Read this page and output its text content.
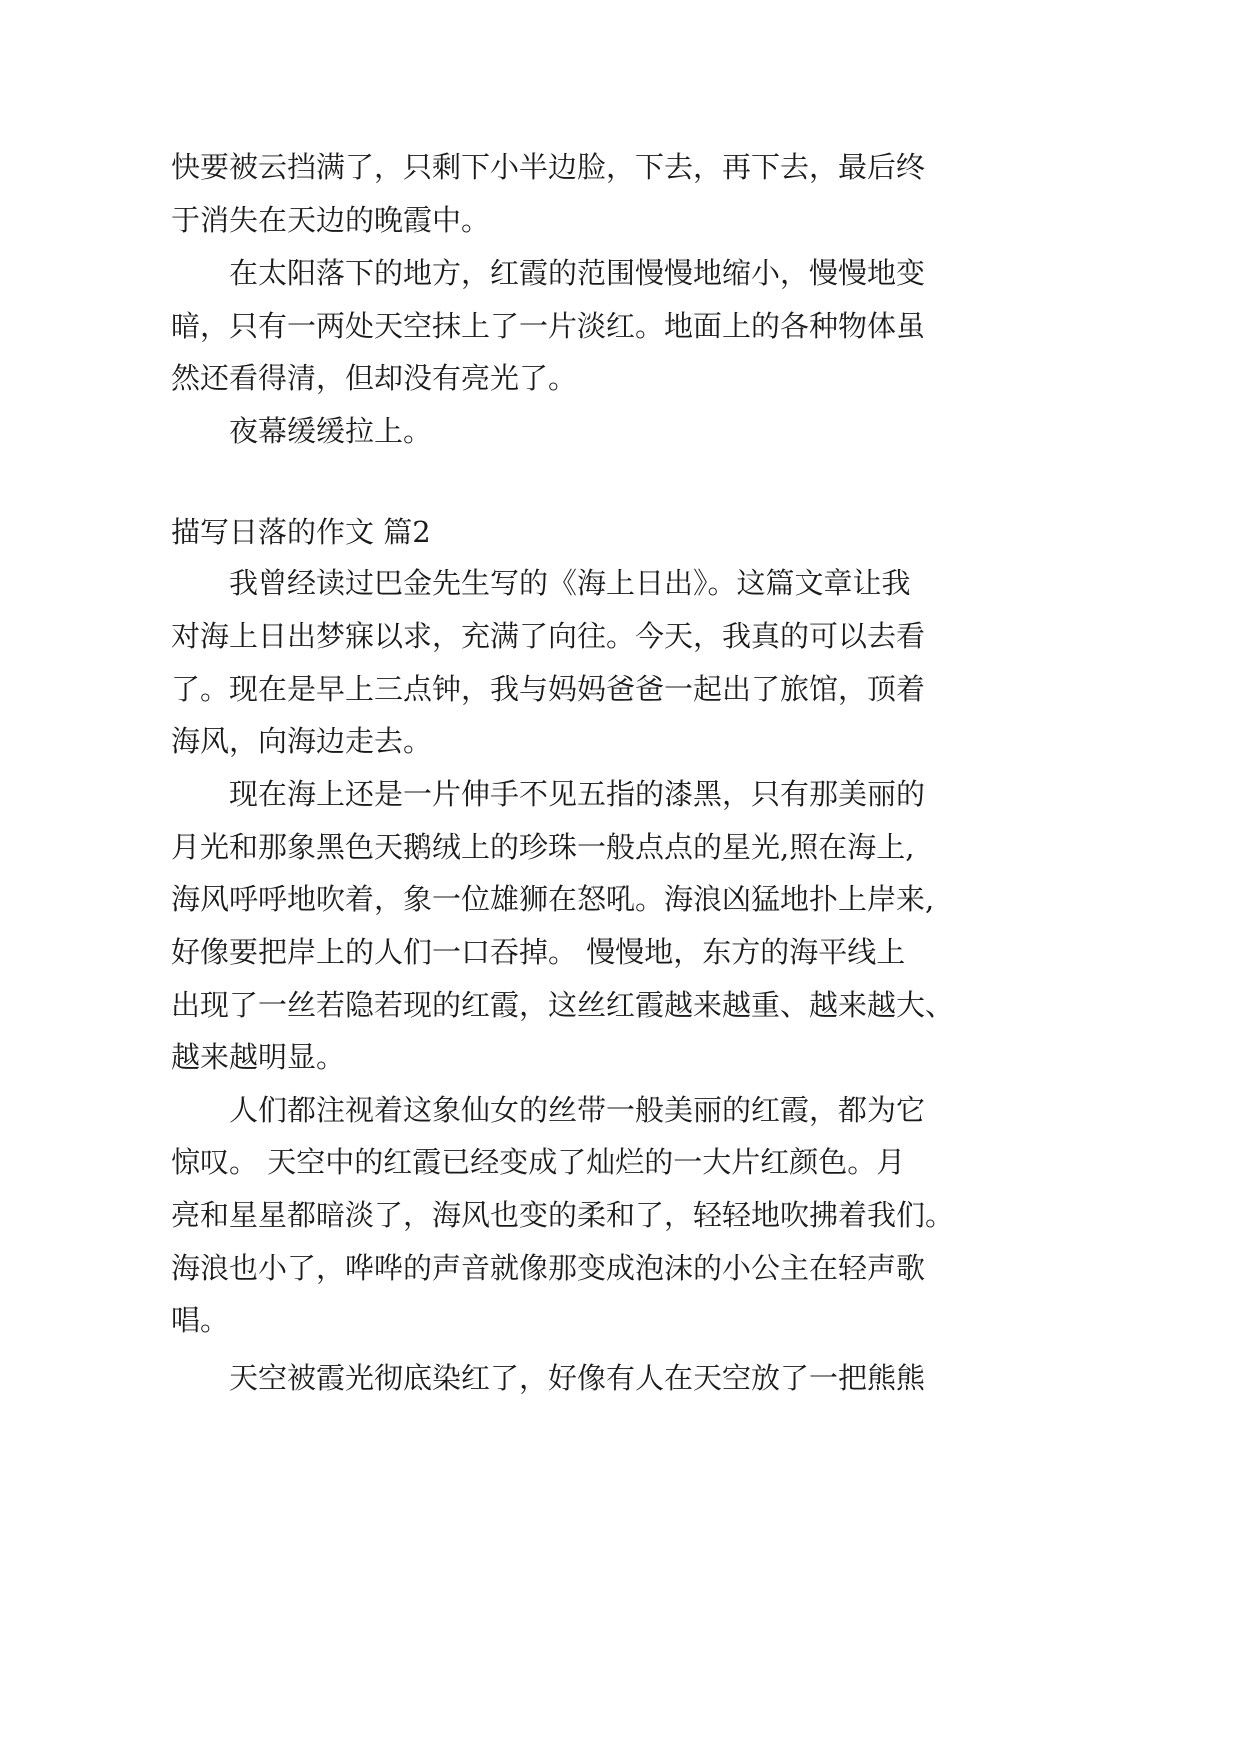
快要被云挡满了，只剩下小半边脸，下去，再下去，最后终
于消失在天边的晚霞中。
在太阳落下的地方，红霞的范围慢慢地缩小，慢慢地变
暗，只有一两处天空抹上了一片淡红。地面上的各种物体虽
然还看得清，但却没有亮光了。
夜幕缓缓拉上。
描写日落的作文 篇2
我曾经读过巴金先生写的《海上日出》。这篇文章让我
对海上日出梦寐以求，充满了向往。今天，我真的可以去看
了。现在是早上三点钟，我与妈妈爸爸一起出了旅馆，顶着
海风，向海边走去。
现在海上还是一片伸手不见五指的漆黑，只有那美丽的
月光和那象黑色天鹅绒上的珍珠一般点点的星光,照在海上,
海风呼呼地吹着，象一位雄狮在怒吼。海浪凶猛地扑上岸来,
好像要把岸上的人们一口吞掉。 慢慢地，东方的海平线上
出现了一丝若隐若现的红霞，这丝红霞越来越重、越来越大、
越来越明显。
人们都注视着这象仙女的丝带一般美丽的红霞，都为它
惊叹。 天空中的红霞已经变成了灿烂的一大片红颜色。月
亮和星星都暗淡了，海风也变的柔和了，轻轻地吹拂着我们。
海浪也小了，哗哗的声音就像那变成泡沫的小公主在轻声歌
唱。
天空被霞光彻底染红了，好像有人在天空放了一把熊熊
